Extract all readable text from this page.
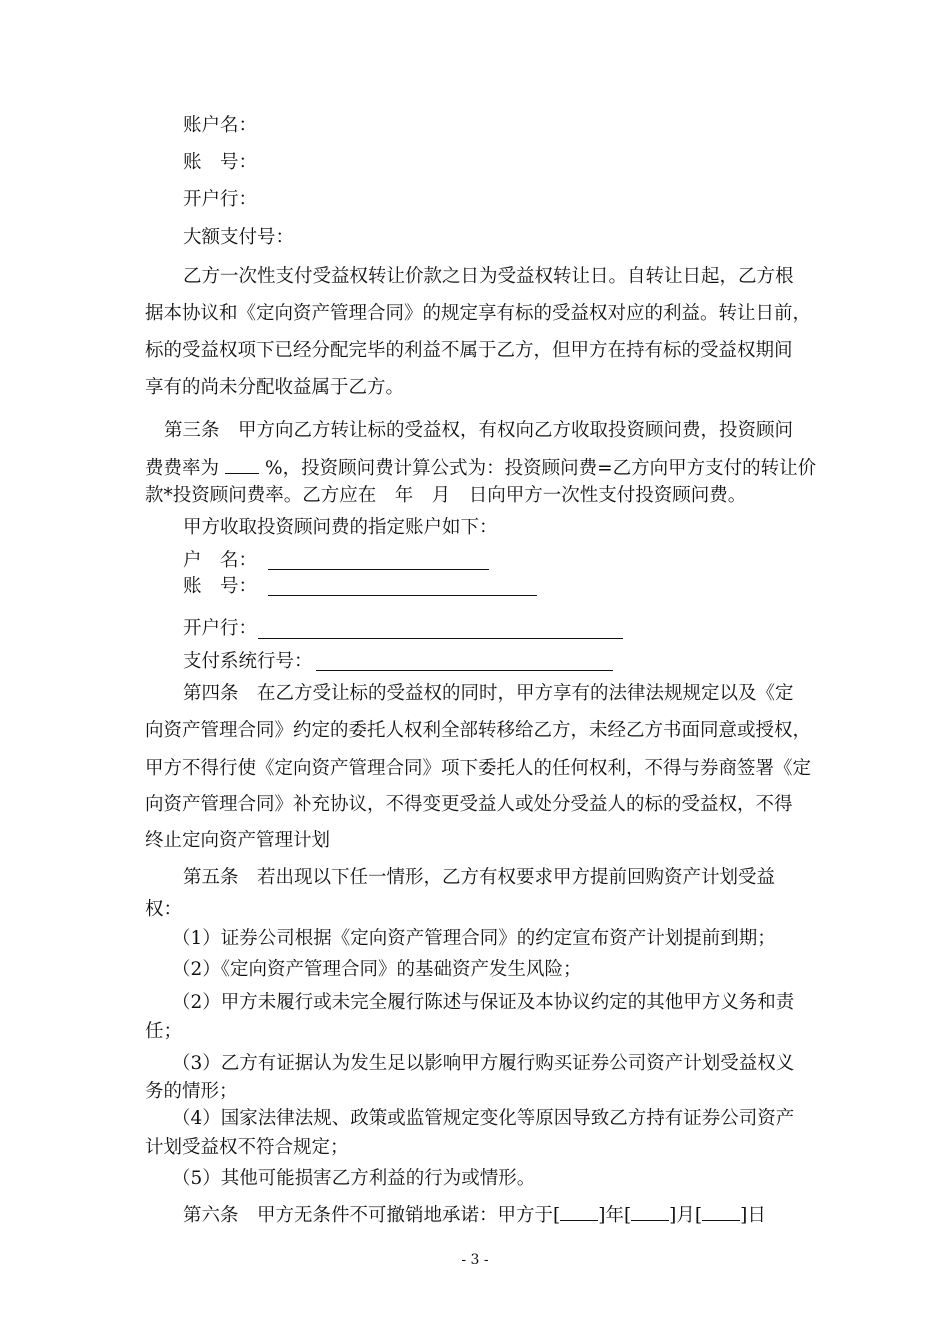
账户名：
账　号：
开户行：
大额支付号：
乙方一次性支付受益权转让价款之日为受益权转让日。自转让日起，乙方根
据本协议和《定向资产管理合同》的规定享有标的受益权对应的利益。转让日前，
标的受益权项下已经分配完毕的利益不属于乙方，但甲方在持有标的受益权期间
享有的尚未分配收益属于乙方。
第三条　甲方向乙方转让标的受益权，有权向乙方收取投资顾问费，投资顾问
费费率为 %，投资顾问费计算公式为：投资顾问费=乙方向甲方支付的转让价
款*投资顾问费率。乙方应在　年　月　日向甲方一次性支付投资顾问费。
甲方收取投资顾问费的指定账户如下：
户　名：
账　号：
开户行：
支付系统行号：
第四条　在乙方受让标的受益权的同时，甲方享有的法律法规规定以及《定
向资产管理合同》约定的委托人权利全部转移给乙方，未经乙方书面同意或授权，
甲方不得行使《定向资产管理合同》项下委托人的任何权利，不得与券商签署《定
向资产管理合同》补充协议，不得变更受益人或处分受益人的标的受益权，不得
终止定向资产管理计划
第五条　若出现以下任一情形，乙方有权要求甲方提前回购资产计划受益
权：
（1）证券公司根据《定向资产管理合同》的约定宣布资产计划提前到期；
（2）《定向资产管理合同》的基础资产发生风险；
（2）甲方未履行或未完全履行陈述与保证及本协议约定的其他甲方义务和责
任；
（3）乙方有证据认为发生足以影响甲方履行购买证券公司资产计划受益权义
务的情形；
（4）国家法律法规、政策或监管规定变化等原因导致乙方持有证券公司资产
计划受益权不符合规定；
（5）其他可能损害乙方利益的行为或情形。
第六条　甲方无条件不可撤销地承诺：甲方于[ ]年[ ]月[ ]日
- 3 -
